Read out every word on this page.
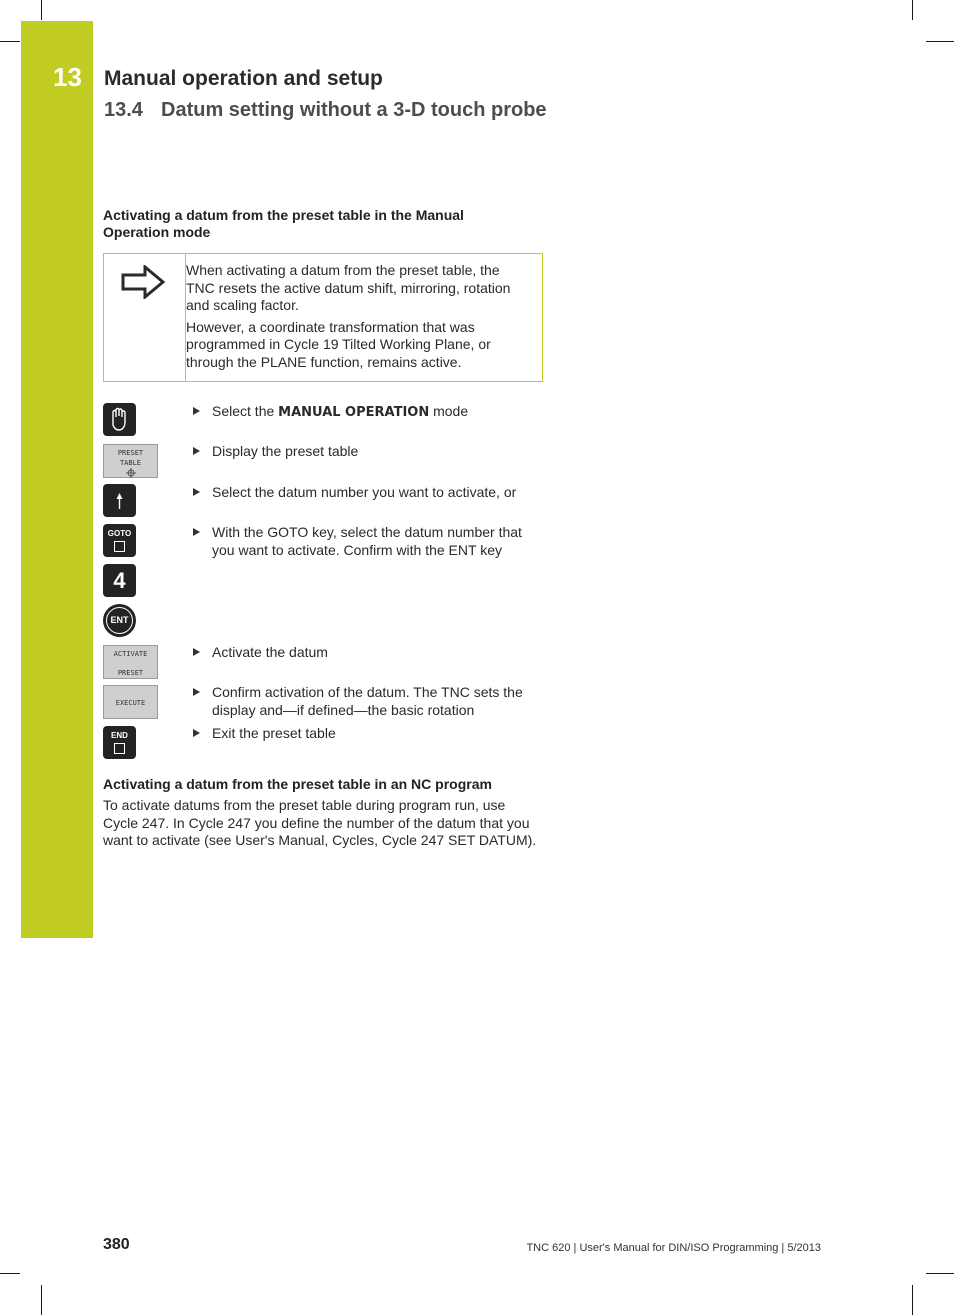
13 Manual operation and setup
13.4 Datum setting without a 3-D touch probe
Activating a datum from the preset table in the Manual Operation mode

When activating a datum from the preset table, the TNC resets the active datum shift, mirroring, rotation and scaling factor.

However, a coordinate transformation that was programmed in Cycle 19 Tilted Working Plane, or through the PLANE function, remains active.

PRESET
TABLE
GOTO
4
ENT
ACTIVATE
PRESET
EXECUTE
END
Select the MANUAL OPERATION mode
Display the preset table
Select the datum number you want to activate, or
With the GOTO key, select the datum number that you want to activate. Confirm with the ENT key
Activate the datum
Confirm activation of the datum. The TNC sets the display and—if defined—the basic rotation
Exit the preset table
Activating a datum from the preset table in an NC program
To activate datums from the preset table during program run, use Cycle 247. In Cycle 247 you define the number of the datum that you want to activate (see User's Manual, Cycles, Cycle 247 SET DATUM).
380	TNC 620 | User's Manual for DIN/ISO Programming | 5/2013
